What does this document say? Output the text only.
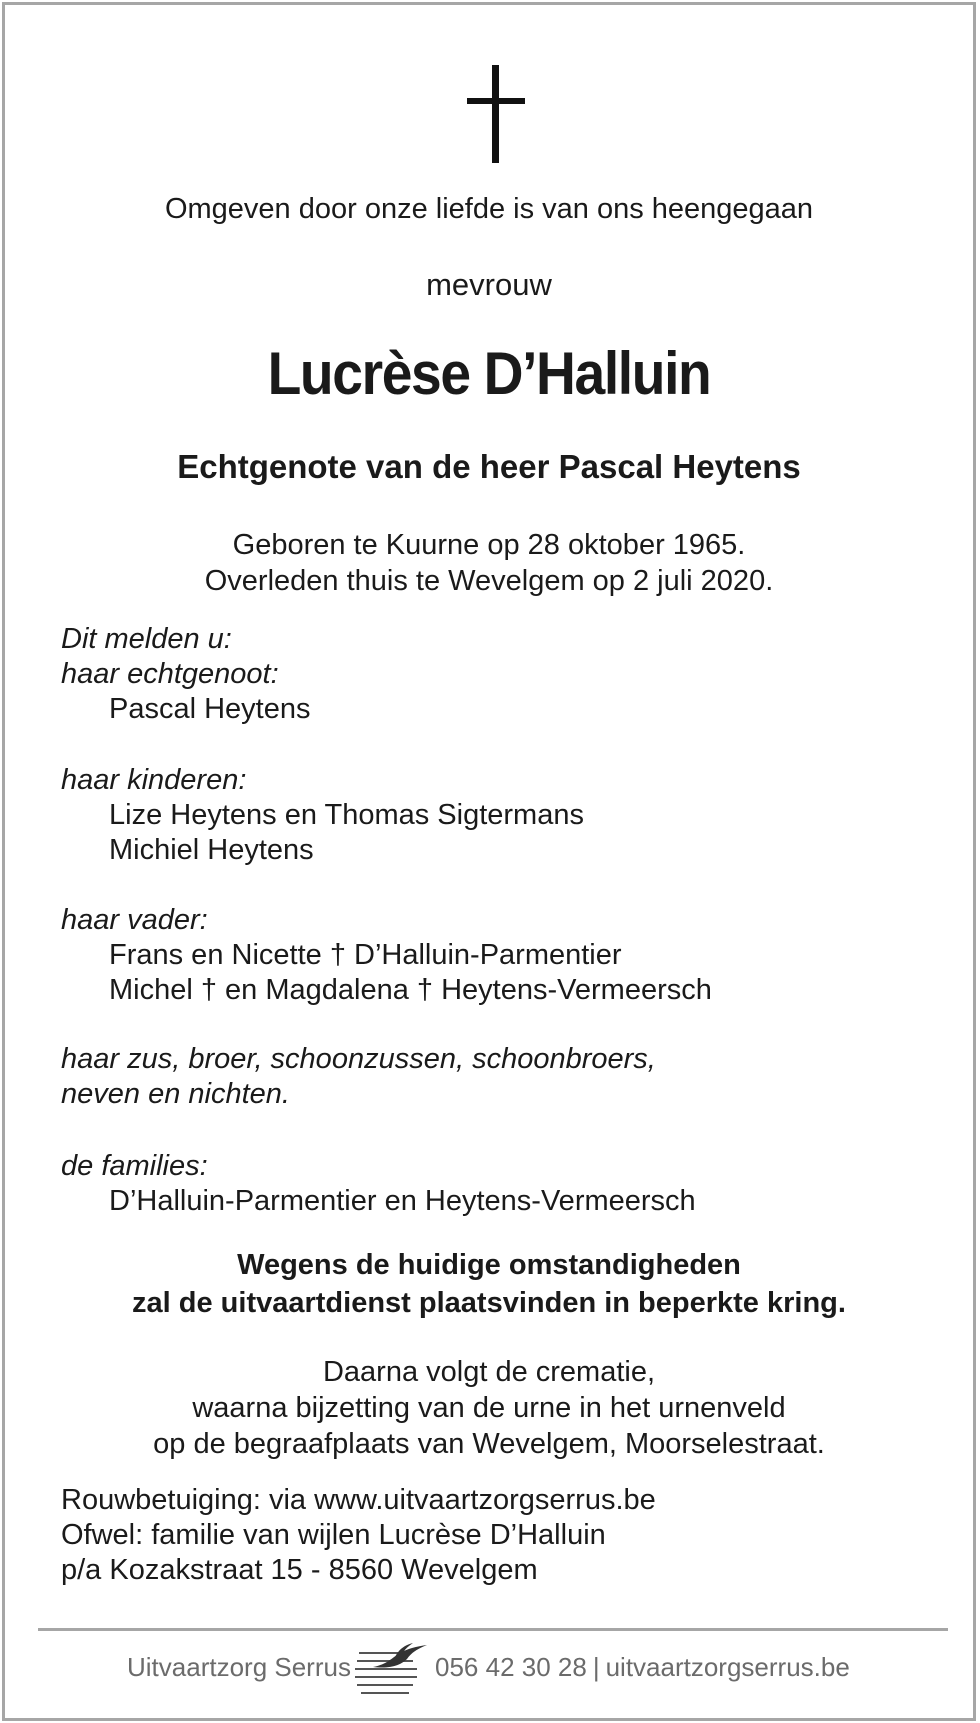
Omgeven door onze liefde is van ons heengegaan
mevrouw
Lucrèse D’Halluin
Echtgenote van de heer Pascal Heytens
Geboren te Kuurne op 28 oktober 1965.
Overleden thuis te Wevelgem op 2 juli 2020.
Dit melden u:
haar echtgenoot:
Pascal Heytens
haar kinderen:
Lize Heytens en Thomas Sigtermans
Michiel Heytens
haar vader:
Frans en Nicette † D’Halluin-Parmentier
Michel † en Magdalena † Heytens-Vermeersch
haar zus, broer, schoonzussen, schoonbroers,
neven en nichten.
de families:
D’Halluin-Parmentier en Heytens-Vermeersch
Wegens de huidige omstandigheden
zal de uitvaartdienst plaatsvinden in beperkte kring.
Daarna volgt de crematie,
waarna bijzetting van de urne in het urnenveld
op de begraafplaats van Wevelgem, Moorselestraat.
Rouwbetuiging: via www.uitvaartzorgserrus.be
Ofwel: familie van wijlen Lucrèse D’Halluin
p/a Kozakstraat 15 - 8560 Wevelgem
Uitvaartzorg Serrus	056 42 30 28 | uitvaartzorgserrus.be
